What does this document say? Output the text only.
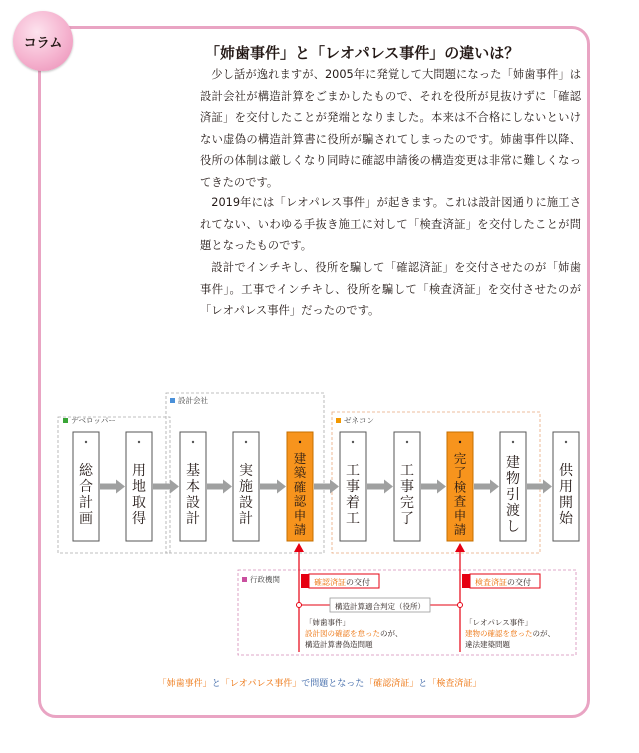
コラム
「姉歯事件」と「レオパレス事件」の違いは？

少し話が逸れますが、2005年に発覚して大問題になった「姉歯事件」は設計会社が構造計算をごまかしたもので、それを役所が見抜けずに「確認済証」を交付したことが発端となりました。本来は不合格にしないといけない虚偽の構造計算書に役所が騙されてしまったのです。姉歯事件以降、役所の体制は厳しくなり同時に確認申請後の構造変更は非常に難しくなってきたのです。

2019年には「レオパレス事件」が起きます。これは設計図通りに施工されてない、いわゆる手抜き施工に対して「検査済証」を交付したことが問題となったものです。

設計でインチキし、役所を騙して「確認済証」を交付させたのが「姉歯事件」。工事でインチキし、役所を騙して「検査済証」を交付させたのが「レオパレス事件」だったのです。

デベロッパー
設計会社
ゼネコン
行政機関
総合計画
用地取得
基本設計
実施設計
建築確認申請
工事着工
工事完了
完了検査申請
建物引渡し
供用開始
確認済証の交付	検査済証の交付
構造計算適合判定（役所）
「姉歯事件」
設計図の確認を怠ったのが、
構造計算書偽造問題
「レオパレス事件」
建物の確認を怠ったのが、
違法建築問題
「姉歯事件」と「レオパレス事件」で問題となった「確認済証」と「検査済証」
